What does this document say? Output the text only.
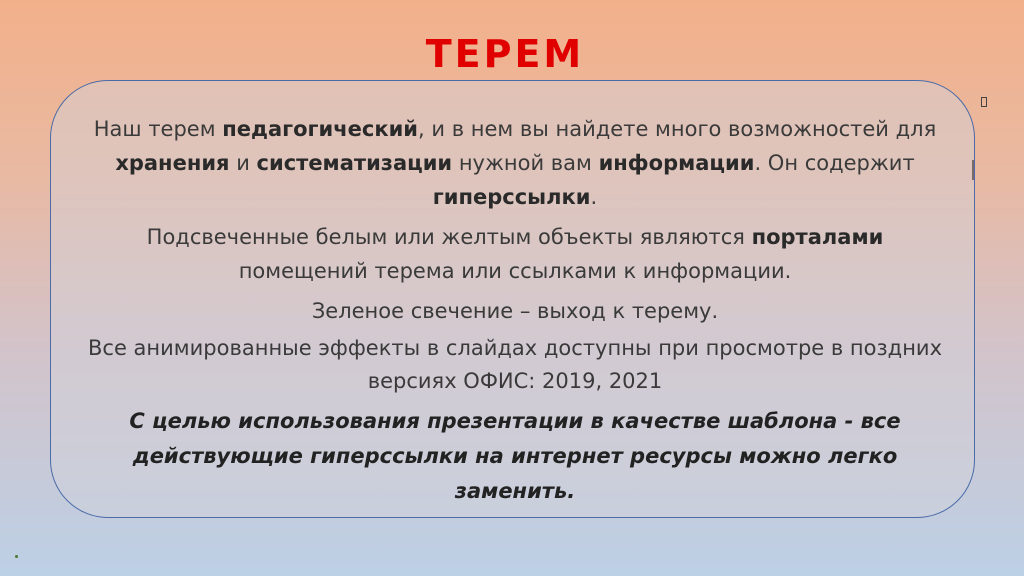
ТЕРЕМ

Наш терем педагогический, и в нем вы найдете много возможностей для хранения и систематизации нужной вам информации. Он содержит гиперссылки.

Подсвеченные белым или желтым объекты являются порталами помещений терема или ссылками к информации.

Зеленое свечение – выход к терему.

Все анимированные эффекты в слайдах доступны при просмотре в поздних версиях ОФИС: 2019, 2021

С целью использования презентации в качестве шаблона - все действующие гиперссылки на интернет ресурсы можно легко заменить.
